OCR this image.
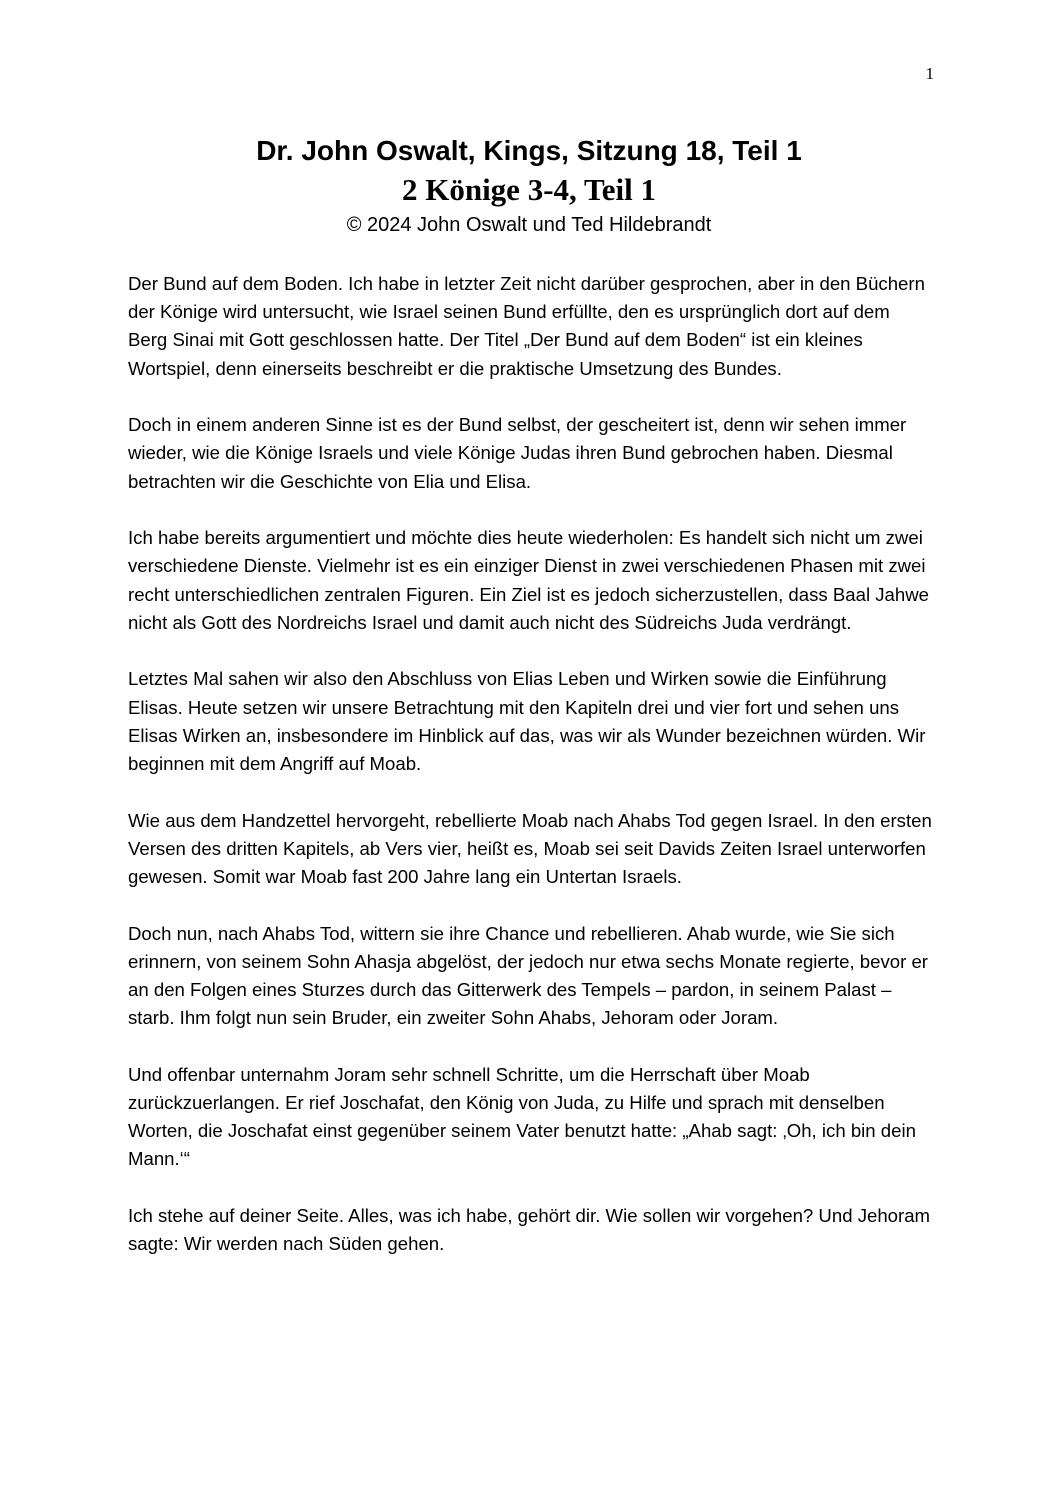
1
Dr. John Oswalt, Kings, Sitzung 18, Teil 1
2 Könige 3-4, Teil 1
© 2024 John Oswalt und Ted Hildebrandt

Der Bund auf dem Boden. Ich habe in letzter Zeit nicht darüber gesprochen, aber in den Büchern der Könige wird untersucht, wie Israel seinen Bund erfüllte, den es ursprünglich dort auf dem Berg Sinai mit Gott geschlossen hatte. Der Titel „Der Bund auf dem Boden“ ist ein kleines Wortspiel, denn einerseits beschreibt er die praktische Umsetzung des Bundes.

Doch in einem anderen Sinne ist es der Bund selbst, der gescheitert ist, denn wir sehen immer wieder, wie die Könige Israels und viele Könige Judas ihren Bund gebrochen haben. Diesmal betrachten wir die Geschichte von Elia und Elisa.

Ich habe bereits argumentiert und möchte dies heute wiederholen: Es handelt sich nicht um zwei verschiedene Dienste. Vielmehr ist es ein einziger Dienst in zwei verschiedenen Phasen mit zwei recht unterschiedlichen zentralen Figuren. Ein Ziel ist es jedoch sicherzustellen, dass Baal Jahwe nicht als Gott des Nordreichs Israel und damit auch nicht des Südreichs Juda verdrängt.

Letztes Mal sahen wir also den Abschluss von Elias Leben und Wirken sowie die Einführung Elisas. Heute setzen wir unsere Betrachtung mit den Kapiteln drei und vier fort und sehen uns Elisas Wirken an, insbesondere im Hinblick auf das, was wir als Wunder bezeichnen würden. Wir beginnen mit dem Angriff auf Moab.

Wie aus dem Handzettel hervorgeht, rebellierte Moab nach Ahabs Tod gegen Israel. In den ersten Versen des dritten Kapitels, ab Vers vier, heißt es, Moab sei seit Davids Zeiten Israel unterworfen gewesen. Somit war Moab fast 200 Jahre lang ein Untertan Israels.

Doch nun, nach Ahabs Tod, wittern sie ihre Chance und rebellieren. Ahab wurde, wie Sie sich erinnern, von seinem Sohn Ahasja abgelöst, der jedoch nur etwa sechs Monate regierte, bevor er an den Folgen eines Sturzes durch das Gitterwerk des Tempels – pardon, in seinem Palast – starb. Ihm folgt nun sein Bruder, ein zweiter Sohn Ahabs, Jehoram oder Joram.

Und offenbar unternahm Joram sehr schnell Schritte, um die Herrschaft über Moab zurückzuerlangen. Er rief Joschafat, den König von Juda, zu Hilfe und sprach mit denselben Worten, die Joschafat einst gegenüber seinem Vater benutzt hatte: „Ahab sagt: ‚Oh, ich bin dein Mann.‘“

Ich stehe auf deiner Seite. Alles, was ich habe, gehört dir. Wie sollen wir vorgehen? Und Jehoram sagte: Wir werden nach Süden gehen.
